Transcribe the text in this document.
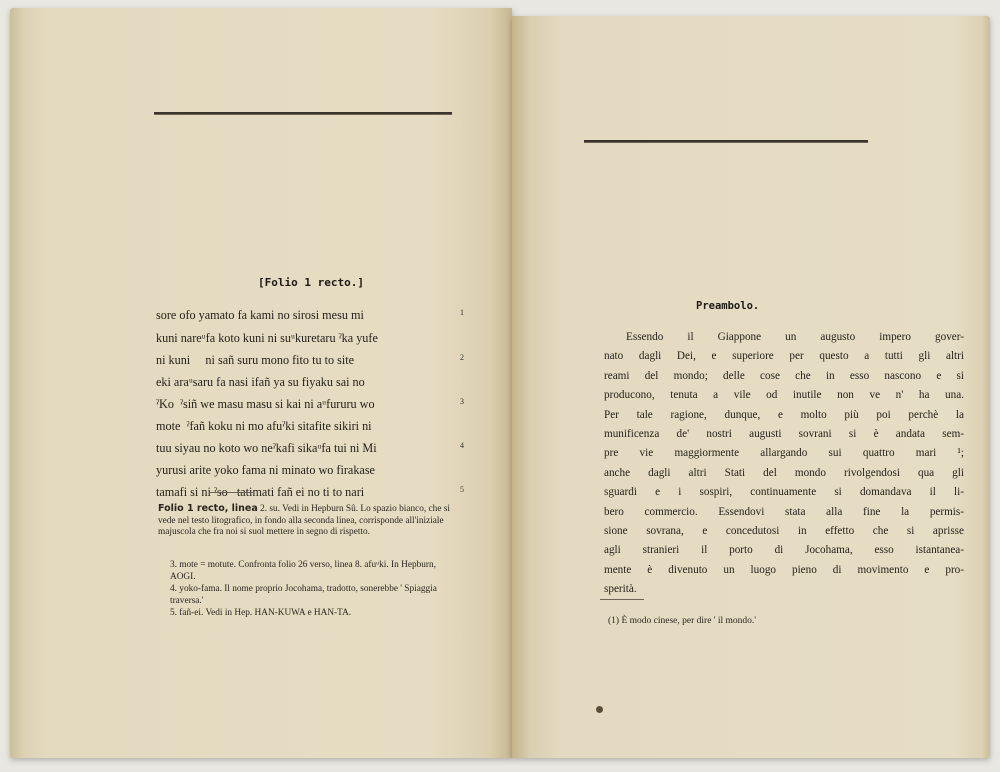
[Folio 1 recto.]
sore ofo yamato fa kami no sirosi mesu mi	1
kuni nareᵘfa koto kuni ni suᵘkuretaru ˀka yufe
ni kuni     ni sañ suru mono fito tu to site	2
eki araᵘsaru fa nasi ifañ ya su fiyaku sai no
ˀKo  ˀsiñ we masu masu si kai ni aᵘfururu wo	3
mote  ˀfañ koku ni mo afuˀki sitafite sikiri ni
tuu siyau no koto wo neˀkafi sikaᵘfa tui ni Mi	4
yurusi arite yoko fama ni minato wo firakase
tamafi si ni ˀso   tatimati fañ ei no ti to nari	5
Folio 1 recto, linea 2. su. Vedi in Hepburn Sû. Lo spazio bianco, che si vede nel testo litografico, in fondo alla seconda linea, corrisponde all'iniziale majuscola che fra noi si suol mettere in segno di rispetto.
3. mote = motute. Confronta folio 26 verso, linea 8. afuᵘki. In Hepburn, AOGI.
4. yoko-fama. Il nome proprio Jocohama, tradotto, sonerebbe ' Spiaggia traversa.'
5. fañ-ei. Vedi in Hep. HAN-KUWA e HAN-TA.
Preambolo.
Essendo il Giappone un augusto impero gover-
nato dagli Dei, e superiore per questo a tutti gli altri
reami del mondo; delle cose che in esso nascono e si
producono, tenuta a vile od inutile non ve n' ha una.
Per tale ragione, dunque, e molto più poi perchè la
munificenza de' nostri augusti sovrani si è andata sem-
pre vie maggiormente allargando sui quattro mari ¹;
anche dagli altri Stati del mondo rivolgendosi qua gli
sguardi e i sospiri, continuamente si domandava il li-
bero commercio. Essendovi stata alla fine la permis-
sione sovrana, e concedutosi in effetto che si aprisse
agli stranieri il porto di Jocohama, esso istantanea-
mente è divenuto un luogo pieno di movimento e pro-
sperità.
(1) È modo cinese, per dire ' il mondo.'
